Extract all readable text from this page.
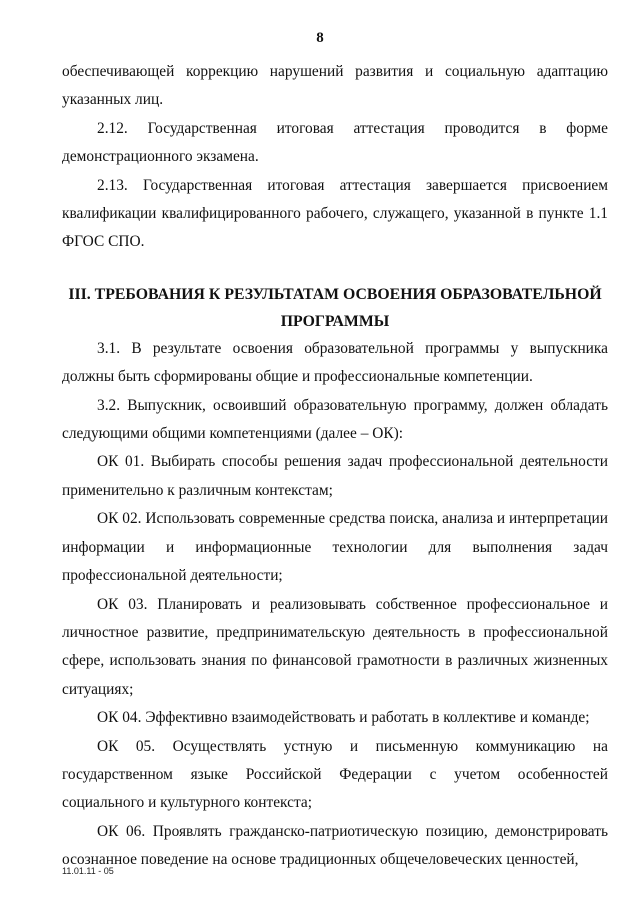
8

обеспечивающей коррекцию нарушений развития и социальную адаптацию указанных лиц.

2.12. Государственная итоговая аттестация проводится в форме демонстрационного экзамена.

2.13. Государственная итоговая аттестация завершается присвоением квалификации квалифицированного рабочего, служащего, указанной в пункте 1.1 ФГОС СПО.

III. ТРЕБОВАНИЯ К РЕЗУЛЬТАТАМ ОСВОЕНИЯ ОБРАЗОВАТЕЛЬНОЙ ПРОГРАММЫ

3.1. В результате освоения образовательной программы у выпускника должны быть сформированы общие и профессиональные компетенции.

3.2. Выпускник, освоивший образовательную программу, должен обладать следующими общими компетенциями (далее – ОК):

ОК 01. Выбирать способы решения задач профессиональной деятельности применительно к различным контекстам;

ОК 02. Использовать современные средства поиска, анализа и интерпретации информации и информационные технологии для выполнения задач профессиональной деятельности;

ОК 03. Планировать и реализовывать собственное профессиональное и личностное развитие, предпринимательскую деятельность в профессиональной сфере, использовать знания по финансовой грамотности в различных жизненных ситуациях;

ОК 04. Эффективно взаимодействовать и работать в коллективе и команде;

ОК 05. Осуществлять устную и письменную коммуникацию на государственном языке Российской Федерации с учетом особенностей социального и культурного контекста;

ОК 06. Проявлять гражданско-патриотическую позицию, демонстрировать осознанное поведение на основе традиционных общечеловеческих ценностей,

11.01.11 - 05
